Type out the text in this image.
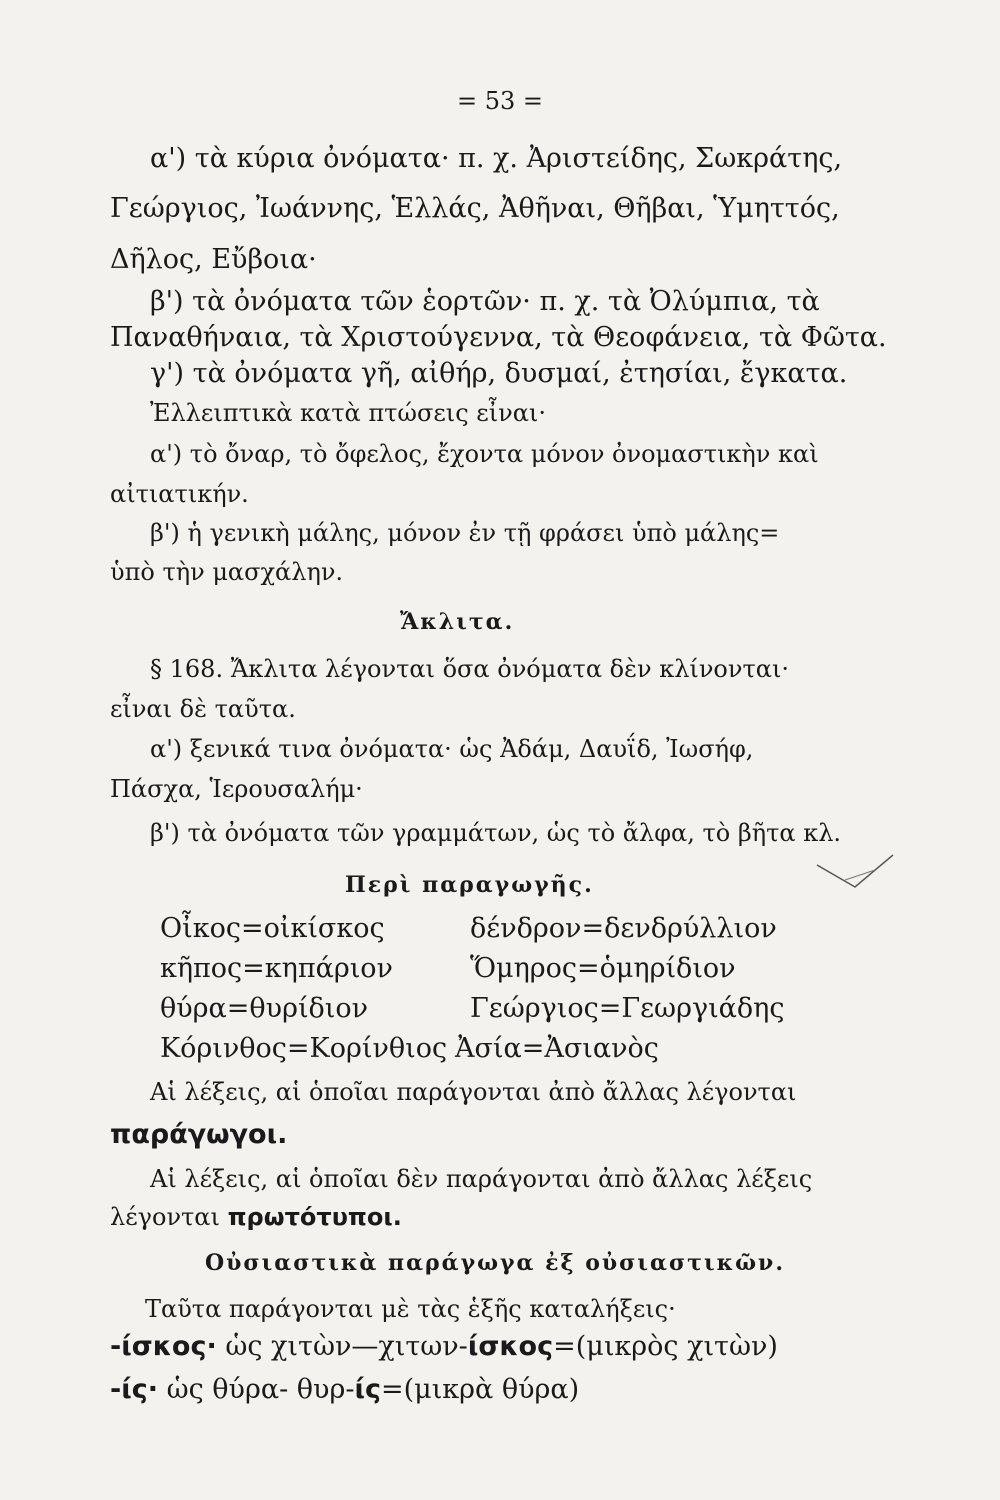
= 53 =
α') τὰ κύρια ὀνόματα· π. χ. Ἀριστείδης, Σωκράτης,
Γεώργιος, Ἰωάννης, Ἑλλάς, Ἀθῆναι, Θῆβαι, Ὑμηττός,
Δῆλος, Εὔβοια·
β') τὰ ὀνόματα τῶν ἑορτῶν· π. χ. τὰ Ὀλύμπια, τὰ
Παναθήναια, τὰ Χριστούγεννα, τὰ Θεοφάνεια, τὰ Φῶτα.
γ') τὰ ὀνόματα γῆ, αἰθήρ, δυσμαί, ἐτησίαι, ἔγκατα.
Ἐλλειπτικὰ κατὰ πτώσεις εἶναι·
α') τὸ ὄναρ, τὸ ὄφελος, ἔχοντα μόνον ὀνομαστικὴν καὶ
αἰτιατικήν.
β') ἡ γενικὴ μάλης, μόνον ἐν τῇ φράσει ὑπὸ μάλης=
ὑπὸ τὴν μασχάλην.
Ἄκλιτα.
§ 168. Ἄκλιτα λέγονται ὅσα ὀνόματα δὲν κλίνονται·
εἶναι δὲ ταῦτα.
α') ξενικά τινα ὀνόματα· ὡς Ἀδάμ, Δαυΐδ, Ἰωσήφ,
Πάσχα, Ἱερουσαλήμ·
β') τὰ ὀνόματα τῶν γραμμάτων, ὡς τὸ ἄλφα, τὸ βῆτα κλ.
Περὶ παραγωγῆς.
Οἶκος=οἰκίσκος	δένδρον=δενδρύλλιον
κῆπος=κηπάριον	Ὅμηρος=ὁμηρίδιον
θύρα=θυρίδιον	Γεώργιος=Γεωργιάδης
Κόρινθος=Κορίνθιος Ἀσία=Ἀσιανὸς
Αἱ λέξεις, αἱ ὁποῖαι παράγονται ἀπὸ ἄλλας λέγονται
παράγωγοι.
Αἱ λέξεις, αἱ ὁποῖαι δὲν παράγονται ἀπὸ ἄλλας λέξεις
λέγονται πρωτότυποι.
Οὐσιαστικὰ παράγωγα ἐξ οὐσιαστικῶν.
Ταῦτα παράγονται μὲ τὰς ἑξῆς καταλήξεις·
-ίσκος· ὡς χιτὼν—χιτων-ίσκος=(μικρὸς χιτὼν)
-ίς· ὡς θύρα- θυρ-ίς=(μικρὰ θύρα)
